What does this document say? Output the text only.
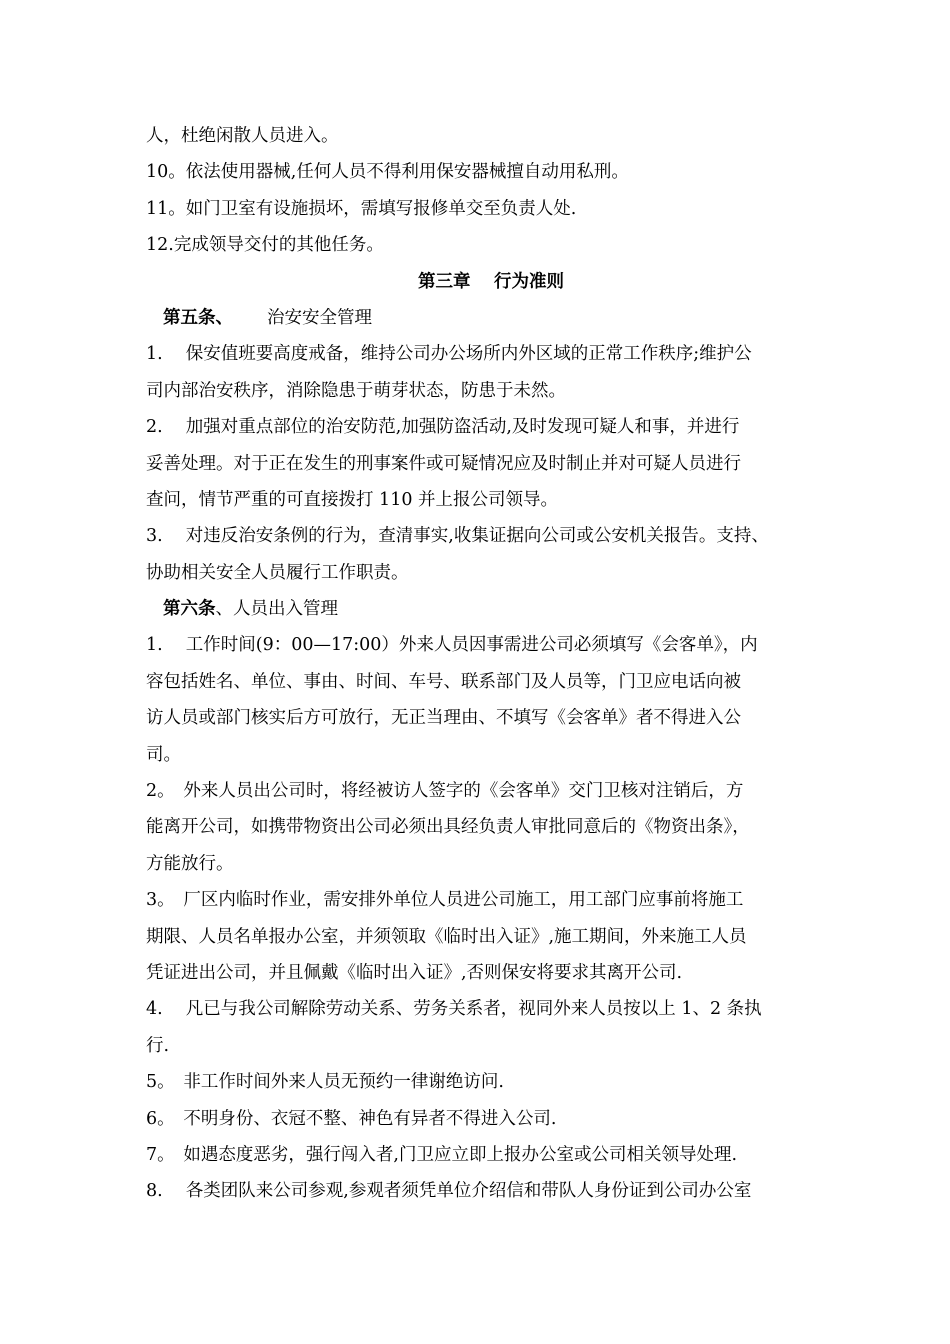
人，杜绝闲散人员进入。
10。依法使用器械,任何人员不得利用保安器械擅自动用私刑。
11。如门卫室有设施损坏，需填写报修单交至负责人处.
12.完成领导交付的其他任务。
第三章　 行为准则
第五条、 治安安全管理
1.　 保安值班要高度戒备，维持公司办公场所内外区域的正常工作秩序;维护公
司内部治安秩序，消除隐患于萌芽状态，防患于未然。
2.　 加强对重点部位的治安防范,加强防盗活动,及时发现可疑人和事，并进行
妥善处理。对于正在发生的刑事案件或可疑情况应及时制止并对可疑人员进行
查问，情节严重的可直接拨打 110 并上报公司领导。
3.　 对违反治安条例的行为，查清事实,收集证据向公司或公安机关报告。支持、
协助相关安全人员履行工作职责。
第六条、人员出入管理
1.　 工作时间(9：00—17:00）外来人员因事需进公司必须填写《会客单》，内
容包括姓名、单位、事由、时间、车号、联系部门及人员等，门卫应电话向被
访人员或部门核实后方可放行，无正当理由、不填写《会客单》者不得进入公
司。
2。　外来人员出公司时，将经被访人签字的《会客单》交门卫核对注销后，方
能离开公司，如携带物资出公司必须出具经负责人审批同意后的《物资出条》，
方能放行。
3。　厂区内临时作业，需安排外单位人员进公司施工，用工部门应事前将施工
期限、人员名单报办公室，并须领取《临时出入证》,施工期间，外来施工人员
凭证进出公司，并且佩戴《临时出入证》,否则保安将要求其离开公司.
4.　 凡已与我公司解除劳动关系、劳务关系者，视同外来人员按以上 1、2 条执
行.
5。　非工作时间外来人员无预约一律谢绝访问.
6。　不明身份、衣冠不整、神色有异者不得进入公司.
7。　如遇态度恶劣，强行闯入者,门卫应立即上报办公室或公司相关领导处理.
8.　 各类团队来公司参观,参观者须凭单位介绍信和带队人身份证到公司办公室
